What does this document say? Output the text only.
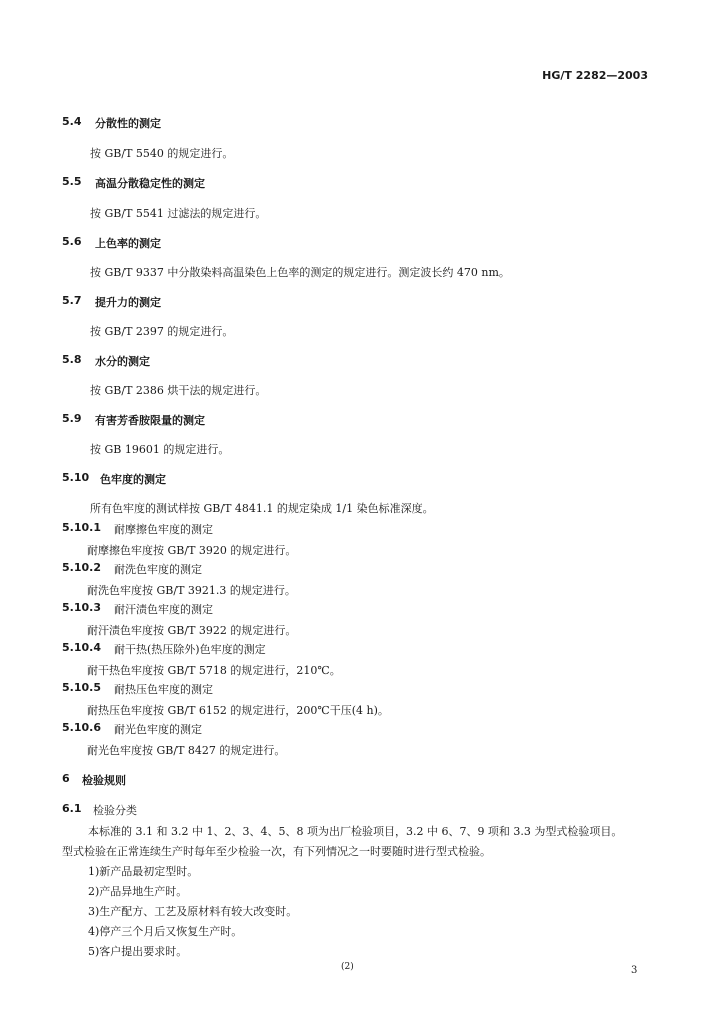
HG/T 2282—2003
5.4 分散性的测定
按 GB/T 5540 的规定进行。
5.5 高温分散稳定性的测定
按 GB/T 5541 过滤法的规定进行。
5.6 上色率的测定
按 GB/T 9337 中分散染料高温染色上色率的测定的规定进行。测定波长约 470 nm。
5.7 提升力的测定
按 GB/T 2397 的规定进行。
5.8 水分的测定
按 GB/T 2386 烘干法的规定进行。
5.9 有害芳香胺限量的测定
按 GB 19601 的规定进行。
5.10 色牢度的测定
所有色牢度的测试样按 GB/T 4841.1 的规定染成 1/1 染色标准深度。
5.10.1 耐摩擦色牢度的测定
耐摩擦色牢度按 GB/T 3920 的规定进行。
5.10.2 耐洗色牢度的测定
耐洗色牢度按 GB/T 3921.3 的规定进行。
5.10.3 耐汗渍色牢度的测定
耐汗渍色牢度按 GB/T 3922 的规定进行。
5.10.4 耐干热(热压除外)色牢度的测定
耐干热色牢度按 GB/T 5718 的规定进行，210℃。
5.10.5 耐热压色牢度的测定
耐热压色牢度按 GB/T 6152 的规定进行，200℃干压(4 h)。
5.10.6 耐光色牢度的测定
耐光色牢度按 GB/T 8427 的规定进行。
6 检验规则
6.1 检验分类
本标准的 3.1 和 3.2 中 1、2、3、4、5、8 项为出厂检验项目，3.2 中 6、7、9 项和 3.3 为型式检验项目。
型式检验在正常连续生产时每年至少检验一次，有下列情况之一时要随时进行型式检验。
1)新产品最初定型时。
2)产品异地生产时。
3)生产配方、工艺及原材料有较大改变时。
4)停产三个月后又恢复生产时。
5)客户提出要求时。
(2)	3
